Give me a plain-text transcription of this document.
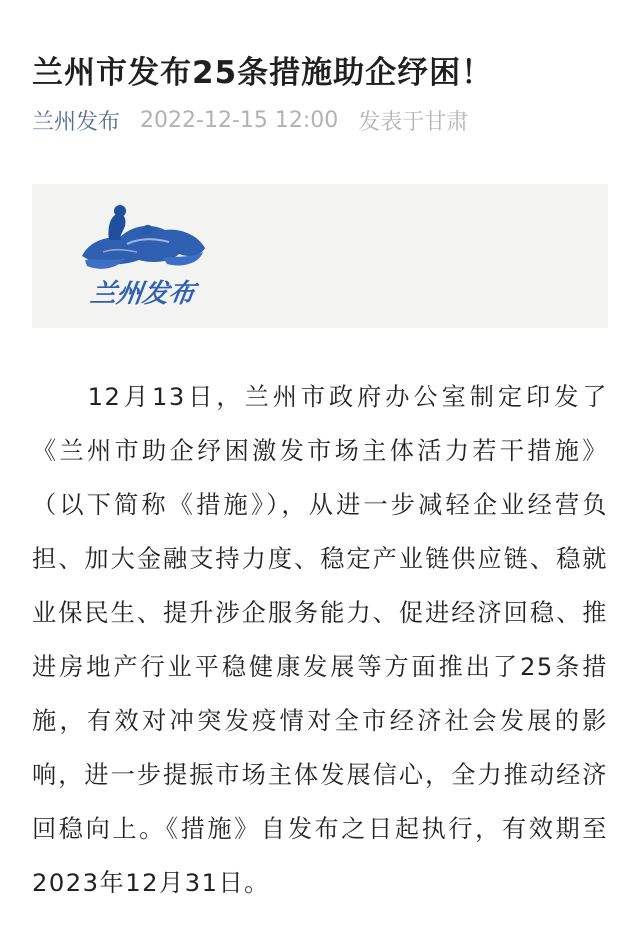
兰州市发布25条措施助企纾困！
兰州发布 2022-12-15 12:00 发表于甘肃
兰州发布

12月13日，兰州市政府办公室制定印发了《兰州市助企纾困激发市场主体活力若干措施》（以下简称《措施》），从进一步减轻企业经营负担、加大金融支持力度、稳定产业链供应链、稳就业保民生、提升涉企服务能力、促进经济回稳、推进房地产行业平稳健康发展等方面推出了25条措施，有效对冲突发疫情对全市经济社会发展的影响，进一步提振市场主体发展信心，全力推动经济回稳向上。《措施》自发布之日起执行，有效期至2023年12月31日。
